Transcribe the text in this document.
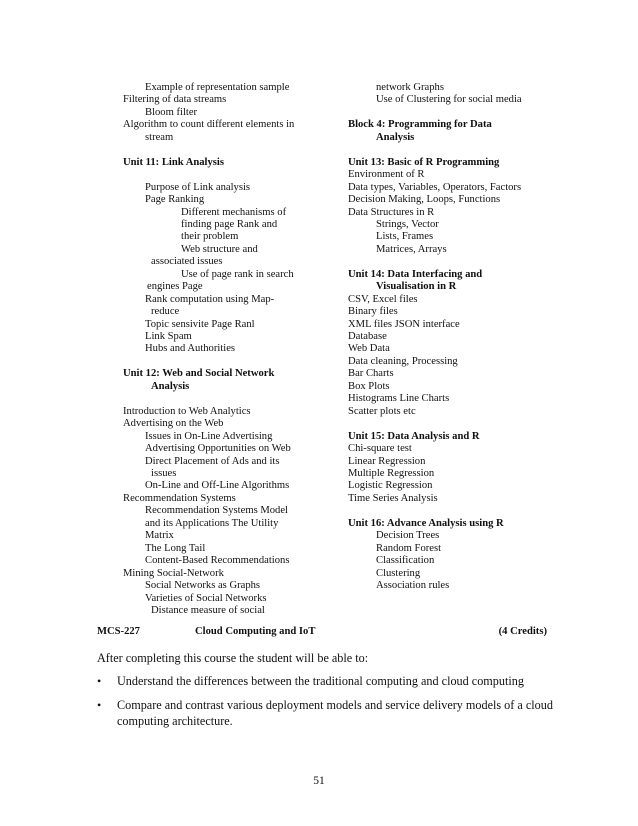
Example of representation sample
Filtering of data streams
Bloom filter
Algorithm to count different elements in
stream
Unit 11: Link Analysis
Purpose of Link analysis
Page Ranking
Different mechanisms of
finding page Rank and
their problem
Web structure and
associated issues
Use of page rank in search
engines Page
Rank computation using Map-
reduce
Topic sensivite Page Ranl
Link Spam
Hubs and Authorities
Unit 12: Web and Social Network
Analysis
Introduction to Web Analytics
Advertising on the Web
Issues in On-Line Advertising
Advertising Opportunities on Web
Direct Placement of Ads and its
issues
On-Line and Off-Line Algorithms
Recommendation Systems
Recommendation Systems Model
and its Applications The Utility
Matrix
The Long Tail
Content-Based Recommendations
Mining Social-Network
Social Networks as Graphs
Varieties of Social Networks
Distance measure of social
network Graphs
Use of Clustering for social media
Block 4: Programming for Data
Analysis
Unit 13: Basic of R Programming
Environment of R
Data types, Variables, Operators, Factors
Decision Making, Loops, Functions
Data Structures in R
Strings, Vector
Lists, Frames
Matrices, Arrays
Unit 14: Data Interfacing and
Visualisation in R
CSV, Excel files
Binary files
XML files JSON interface
Database
Web Data
Data cleaning, Processing
Bar Charts
Box Plots
Histograms Line Charts
Scatter plots etc
Unit 15: Data Analysis and R
Chi-square test
Linear Regression
Multiple Regression
Logistic Regression
Time Series Analysis
Unit 16: Advance Analysis using R
Decision Trees
Random Forest
Classification
Clustering
Association rules
MCS-227	Cloud Computing and IoT	(4 Credits)
After completing this course the student will be able to:
• Understand the differences between the traditional computing and cloud computing
• Compare and contrast various deployment models and service delivery models of a cloud computing architecture.
51
